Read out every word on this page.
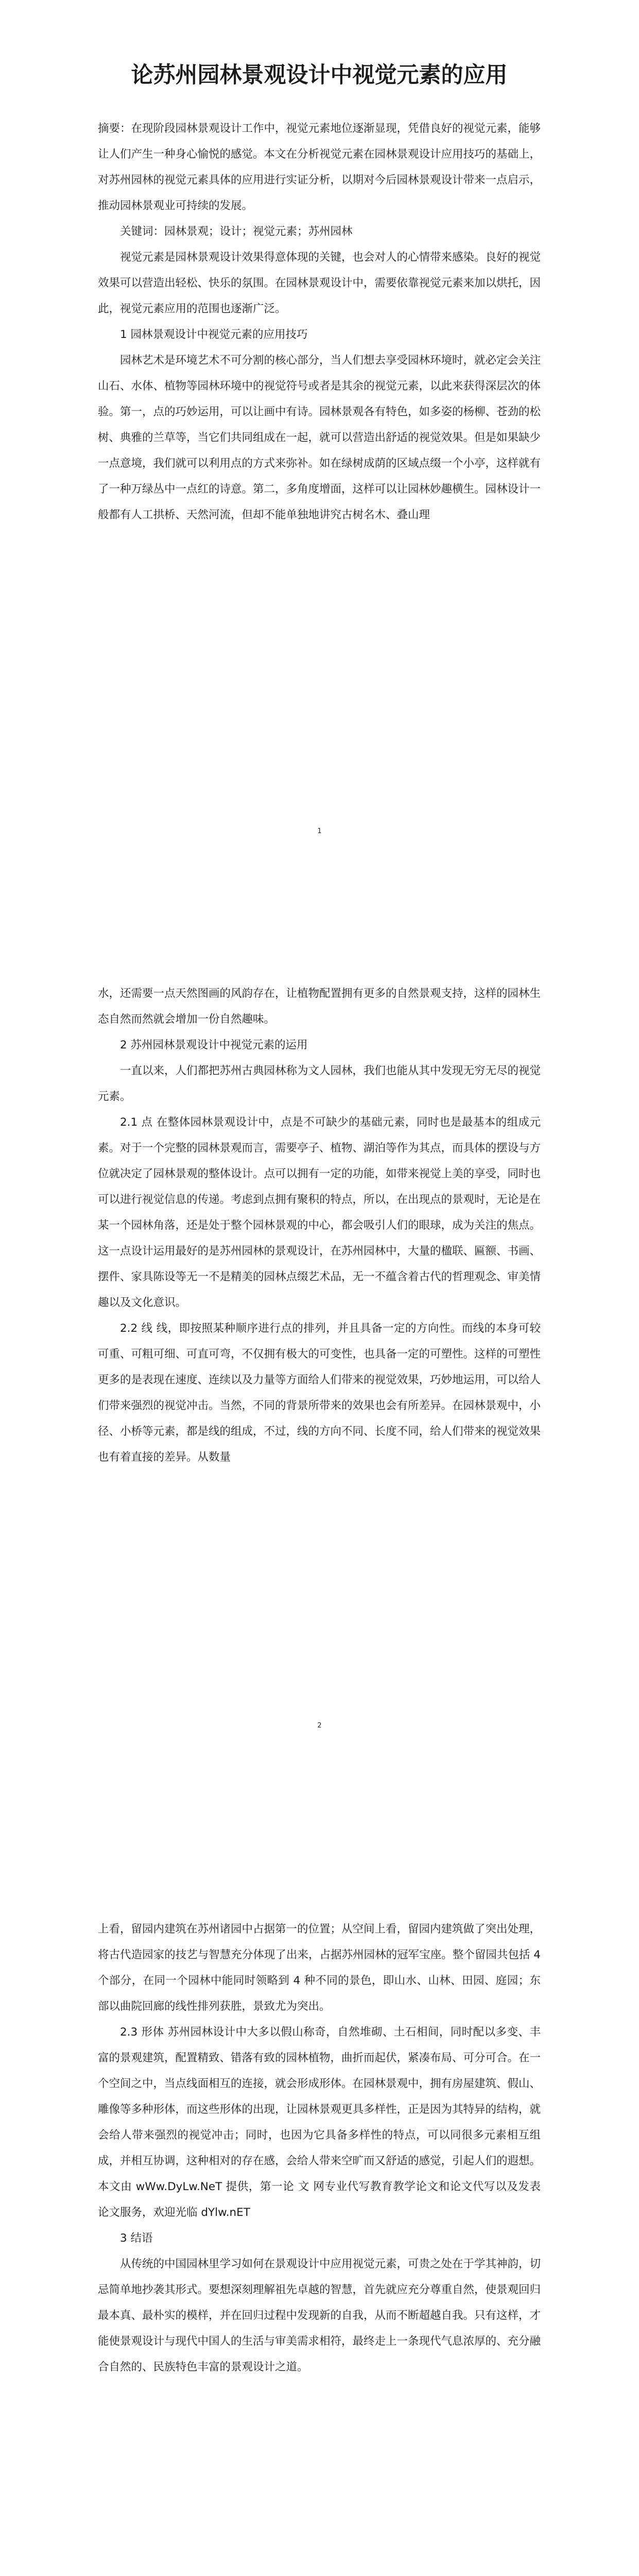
论苏州园林景观设计中视觉元素的应用

摘要：在现阶段园林景观设计工作中，视觉元素地位逐渐显现，凭借良好的视觉元素，能够让人们产生一种身心愉悦的感觉。本文在分析视觉元素在园林景观设计应用技巧的基础上，对苏州园林的视觉元素具体的应用进行实证分析，以期对今后园林景观设计带来一点启示，推动园林景观业可持续的发展。

关键词：园林景观；设计；视觉元素；苏州园林

视觉元素是园林景观设计效果得意体现的关键，也会对人的心情带来感染。良好的视觉效果可以营造出轻松、快乐的氛围。在园林景观设计中，需要依靠视觉元素来加以烘托，因此，视觉元素应用的范围也逐渐广泛。

1 园林景观设计中视觉元素的应用技巧

园林艺术是环境艺术不可分割的核心部分，当人们想去享受园林环境时，就必定会关注山石、水体、植物等园林环境中的视觉符号或者是其余的视觉元素，以此来获得深层次的体验。第一，点的巧妙运用，可以让画中有诗。园林景观各有特色，如多姿的杨柳、苍劲的松树、典雅的兰草等，当它们共同组成在一起，就可以营造出舒适的视觉效果。但是如果缺少一点意境，我们就可以利用点的方式来弥补。如在绿树成荫的区域点缀一个小亭，这样就有了一种万绿丛中一点红的诗意。第二，多角度增面，这样可以让园林妙趣横生。园林设计一般都有人工拱桥、天然河流，但却不能单独地讲究古树名木、叠山理

1

水，还需要一点天然图画的风韵存在，让植物配置拥有更多的自然景观支持，这样的园林生态自然而然就会增加一份自然趣味。

2 苏州园林景观设计中视觉元素的运用

一直以来，人们都把苏州古典园林称为文人园林，我们也能从其中发现无穷无尽的视觉元素。

2.1 点 在整体园林景观设计中，点是不可缺少的基础元素，同时也是最基本的组成元素。对于一个完整的园林景观而言，需要亭子、植物、湖泊等作为其点，而具体的摆设与方位就决定了园林景观的整体设计。点可以拥有一定的功能，如带来视觉上美的享受，同时也可以进行视觉信息的传递。考虑到点拥有聚积的特点，所以，在出现点的景观时，无论是在某一个园林角落，还是处于整个园林景观的中心，都会吸引人们的眼球，成为关注的焦点。这一点设计运用最好的是苏州园林的景观设计，在苏州园林中，大量的楹联、匾额、书画、摆件、家具陈设等无一不是精美的园林点缀艺术品，无一不蕴含着古代的哲理观念、审美情趣以及文化意识。

2.2 线 线，即按照某种顺序进行点的排列，并且具备一定的方向性。而线的本身可较可重、可粗可细、可直可弯，不仅拥有极大的可变性，也具备一定的可塑性。这样的可塑性更多的是表现在速度、连续以及力量等方面给人们带来的视觉效果，巧妙地运用，可以给人们带来强烈的视觉冲击。当然，不同的背景所带来的效果也会有所差异。在园林景观中，小径、小桥等元素，都是线的组成，不过，线的方向不同、长度不同，给人们带来的视觉效果也有着直接的差异。从数量

2

上看，留园内建筑在苏州诸园中占据第一的位置；从空间上看，留园内建筑做了突出处理，将古代造园家的技艺与智慧充分体现了出来，占据苏州园林的冠军宝座。整个留园共包括 4 个部分，在同一个园林中能同时领略到 4 种不同的景色，即山水、山林、田园、庭园；东部以曲院回廊的线性排列获胜，景致尤为突出。

2.3 形体 苏州园林设计中大多以假山称奇，自然堆砌、土石相间，同时配以多变、丰富的景观建筑，配置精致、错落有致的园林植物，曲折而起伏，紧凑布局、可分可合。在一个空间之中，当点线面相互的连接，就会形成形体。在园林景观中，拥有房屋建筑、假山、雕像等多种形体，而这些形体的出现，让园林景观更具多样性，正是因为其特异的结构，就会给人带来强烈的视觉冲击；同时，也因为它具备多样性的特点，可以同很多元素相互组成，并相互协调，这种相对的存在感，会给人带来空旷而又舒适的感觉，引起人们的遐想。 本文由 wWw.DyLw.NeT 提供，第一论 文 网专业代写教育教学论文和论文代写以及发表论文服务，欢迎光临 dYlw.nET

3 结语

从传统的中国园林里学习如何在景观设计中应用视觉元素，可贵之处在于学其神韵，切忌简单地抄袭其形式。要想深刻理解祖先卓越的智慧，首先就应充分尊重自然，使景观回归最本真、最朴实的模样，并在回归过程中发现新的自我，从而不断超越自我。只有这样，才能使景观设计与现代中国人的生活与审美需求相符，最终走上一条现代气息浓厚的、充分融合自然的、民族特色丰富的景观设计之道。
